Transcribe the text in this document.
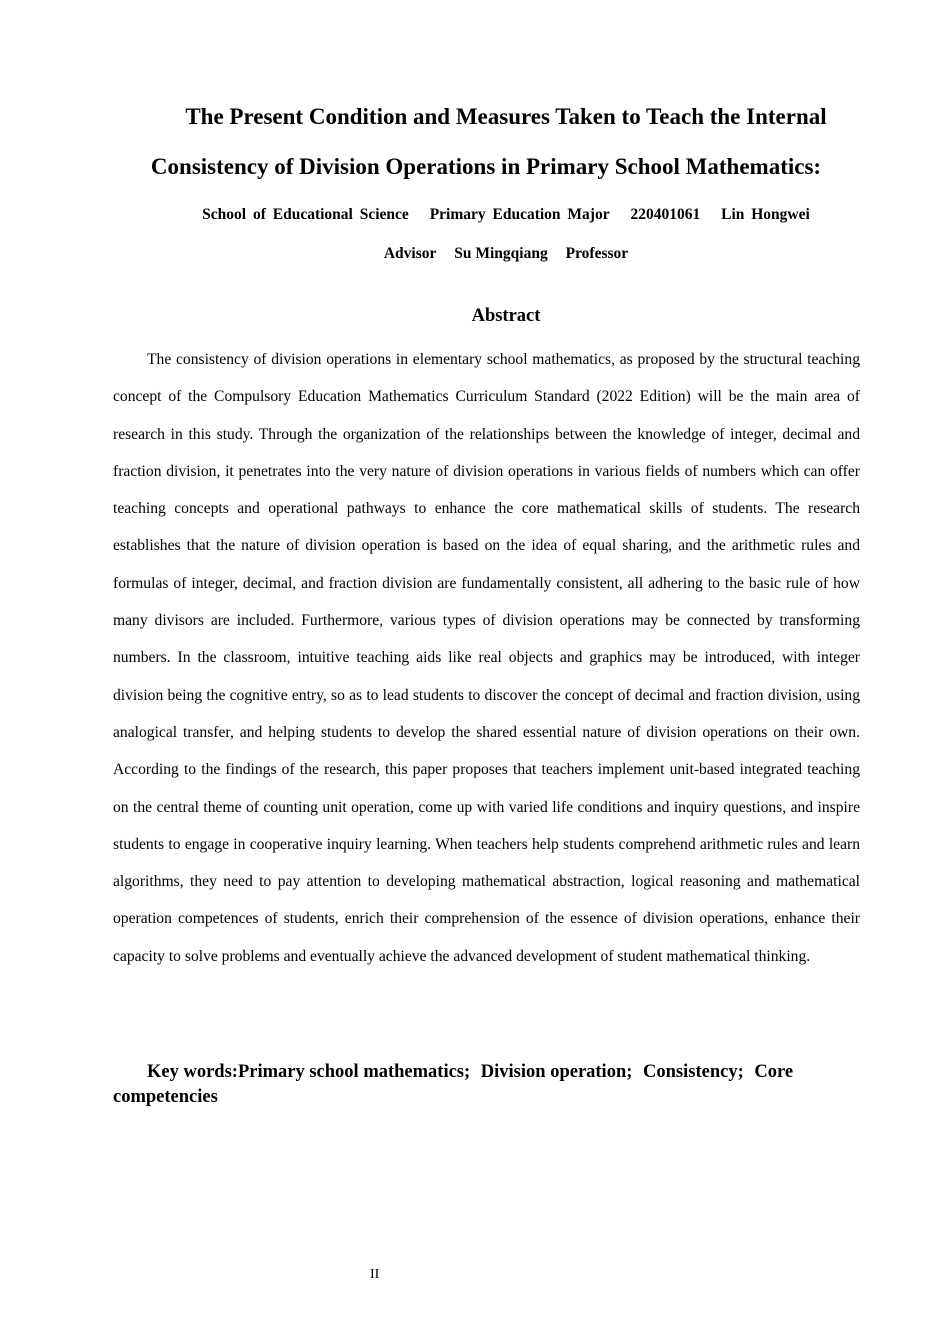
The Present Condition and Measures Taken to Teach the Internal
Consistency of Division Operations in Primary School Mathematics:
School of Educational Science Primary Education Major 220401061 Lin Hongwei
Advisor Su Mingqiang Professor
Abstract

The consistency of division operations in elementary school mathematics, as proposed by the structural teaching concept of the Compulsory Education Mathematics Curriculum Standard (2022 Edition) will be the main area of research in this study. Through the organization of the relationships between the knowledge of integer, decimal and fraction division, it penetrates into the very nature of division operations in various fields of numbers which can offer teaching concepts and operational pathways to enhance the core mathematical skills of students. The research establishes that the nature of division operation is based on the idea of equal sharing, and the arithmetic rules and formulas of integer, decimal, and fraction division are fundamentally consistent, all adhering to the basic rule of how many divisors are included. Furthermore, various types of division operations may be connected by transforming numbers. In the classroom, intuitive teaching aids like real objects and graphics may be introduced, with integer division being the cognitive entry, so as to lead students to discover the concept of decimal and fraction division, using analogical transfer, and helping students to develop the shared essential nature of division operations on their own. According to the findings of the research, this paper proposes that teachers implement unit-based integrated teaching on the central theme of counting unit operation, come up with varied life conditions and inquiry questions, and inspire students to engage in cooperative inquiry learning. When teachers help students comprehend arithmetic rules and learn algorithms, they need to pay attention to developing mathematical abstraction, logical reasoning and mathematical operation competences of students, enrich their comprehension of the essence of division operations, enhance their capacity to solve problems and eventually achieve the advanced development of student mathematical thinking.

Key words:Primary school mathematics; Division operation; Consistency; Core competencies

II
